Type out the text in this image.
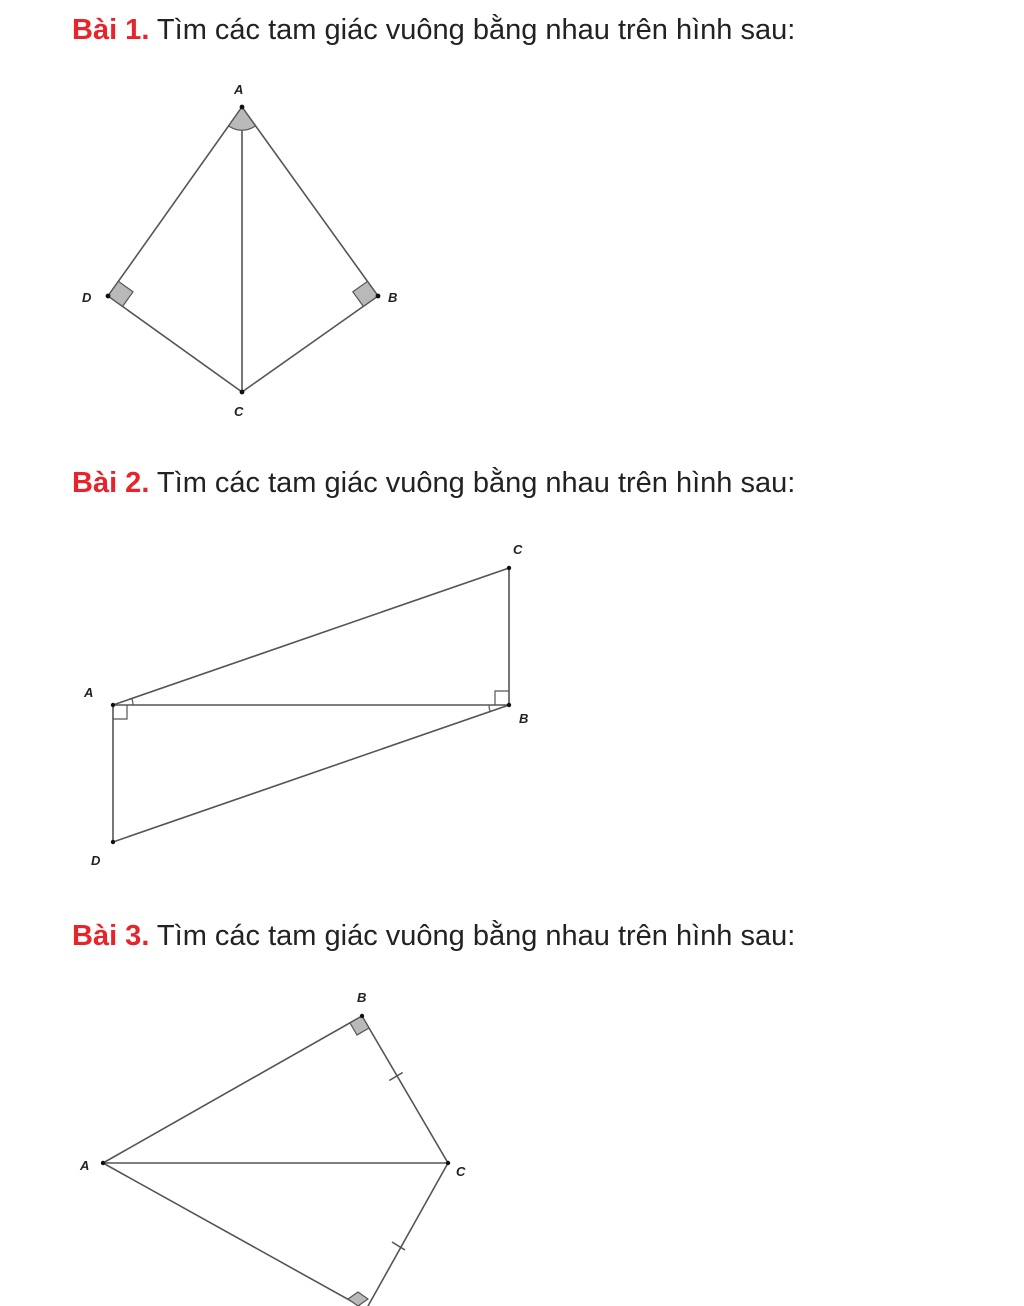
Bài 1. Tìm các tam giác vuông bằng nhau trên hình sau:

A
D	B
C

Bài 2. Tìm các tam giác vuông bằng nhau trên hình sau:

C
A
B
D

Bài 3. Tìm các tam giác vuông bằng nhau trên hình sau:

B
A	C
